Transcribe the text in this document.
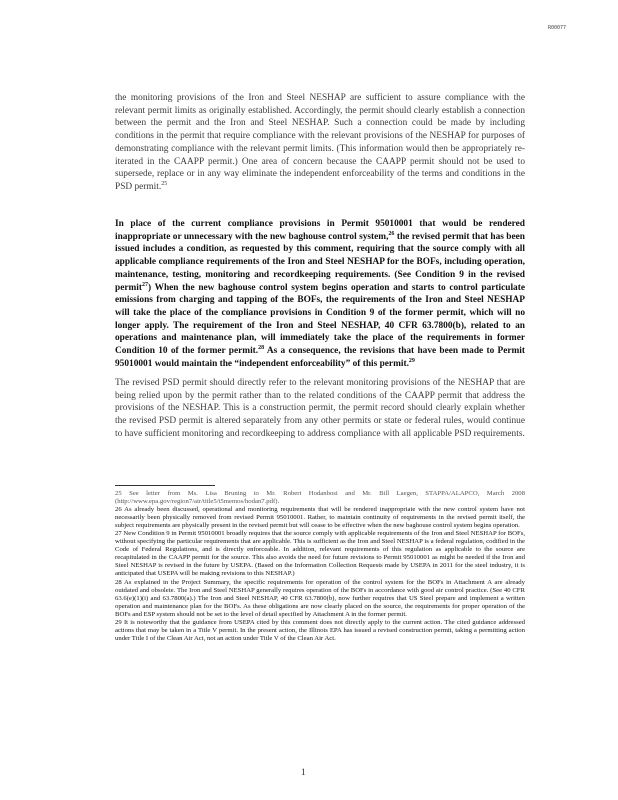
R00077

the monitoring provisions of the Iron and Steel NESHAP are sufficient to assure compliance with the relevant permit limits as originally established. Accordingly, the permit should clearly establish a connection between the permit and the Iron and Steel NESHAP. Such a connection could be made by including conditions in the permit that require compliance with the relevant provisions of the NESHAP for purposes of demonstrating compliance with the relevant permit limits. (This information would then be appropriately re-iterated in the CAAPP permit.) One area of concern because the CAAPP permit should not be used to supersede, replace or in any way eliminate the independent enforceability of the terms and conditions in the PSD permit.$^{25}$

In place of the current compliance provisions in Permit 95010001 that would be rendered inappropriate or unnecessary with the new baghouse control system,$^{26}$ the revised permit that has been issued includes a condition, as requested by this comment, requiring that the source comply with all applicable compliance requirements of the Iron and Steel NESHAP for the BOFs, including operation, maintenance, testing, monitoring and recordkeeping requirements. (See Condition 9 in the revised permit$^{27}$) When the new baghouse control system begins operation and starts to control particulate emissions from charging and tapping of the BOFs, the requirements of the Iron and Steel NESHAP will take the place of the compliance provisions in Condition 9 of the former permit, which will no longer apply. The requirement of the Iron and Steel NESHAP, 40 CFR 63.7800(b), related to an operations and maintenance plan, will immediately take the place of the requirements in former Condition 10 of the former permit.$^{28}$ As a consequence, the revisions that have been made to Permit 95010001 would maintain the “independent enforceability” of this permit.$^{29}$

The revised PSD permit should directly refer to the relevant monitoring provisions of the NESHAP that are being relied upon by the permit rather than to the related conditions of the CAAPP permit that address the provisions of the NESHAP. This is a construction permit, the permit record should clearly explain whether the revised PSD permit is altered separately from any other permits or state or federal rules, would continue to have sufficient monitoring and recordkeeping to address compliance with all applicable PSD requirements.

25 See letter from Ms. Lisa Bruning to Mr. Robert Hodanbosi and Mr. Bill Laegen, STAPPA/ALAPCO, March 2008 (http://www.epa.gov/region7/air/title5/t5memos/hodan7.pdf).

26 As already been discussed, operational and monitoring requirements that will be rendered inappropriate with the new control system have not necessarily been physically removed from revised Permit 95010001. Rather, to maintain continuity of requirements in the revised permit itself, the subject requirements are physically present in the revised permit but will cease to be effective when the new baghouse control system begins operation.

27 New Condition 9 in Permit 95010001 broadly requires that the source comply with applicable requirements of the Iron and Steel NESHAP for BOFs, without specifying the particular requirements that are applicable. This is sufficient as the Iron and Steel NESHAP is a federal regulation, codified in the Code of Federal Regulations, and is directly enforceable. In addition, relevant requirements of this regulation as applicable to the source are recapitulated in the CAAPP permit for the source. This also avoids the need for future revisions to Permit 95010001 as might be needed if the Iron and Steel NESHAP is revised in the future by USEPA. (Based on the Information Collection Requests made by USEPA in 2011 for the steel industry, it is anticipated that USEPA will be making revisions to this NESHAP.)

28 As explained in the Project Summary, the specific requirements for operation of the control system for the BOFs in Attachment A are already outdated and obsolete. The Iron and Steel NESHAP generally requires operation of the BOFs in accordance with good air control practice. (See 40 CFR 63.6(e)(1)(i) and 63.7800(a).) The Iron and Steel NESHAP, 40 CFR 63.7800(b), now further requires that US Steel prepare and implement a written operation and maintenance plan for the BOFs. As these obligations are now clearly placed on the source, the requirements for proper operation of the BOFs and ESP system should not be set to the level of detail specified by Attachment A in the former permit.

29 It is noteworthy that the guidance from USEPA cited by this comment does not directly apply to the current action. The cited guidance addressed actions that may be taken in a Title V permit. In the present action, the Illinois EPA has issued a revised construction permit, taking a permitting action under Title I of the Clean Air Act, not an action under Title V of the Clean Air Act.

1
